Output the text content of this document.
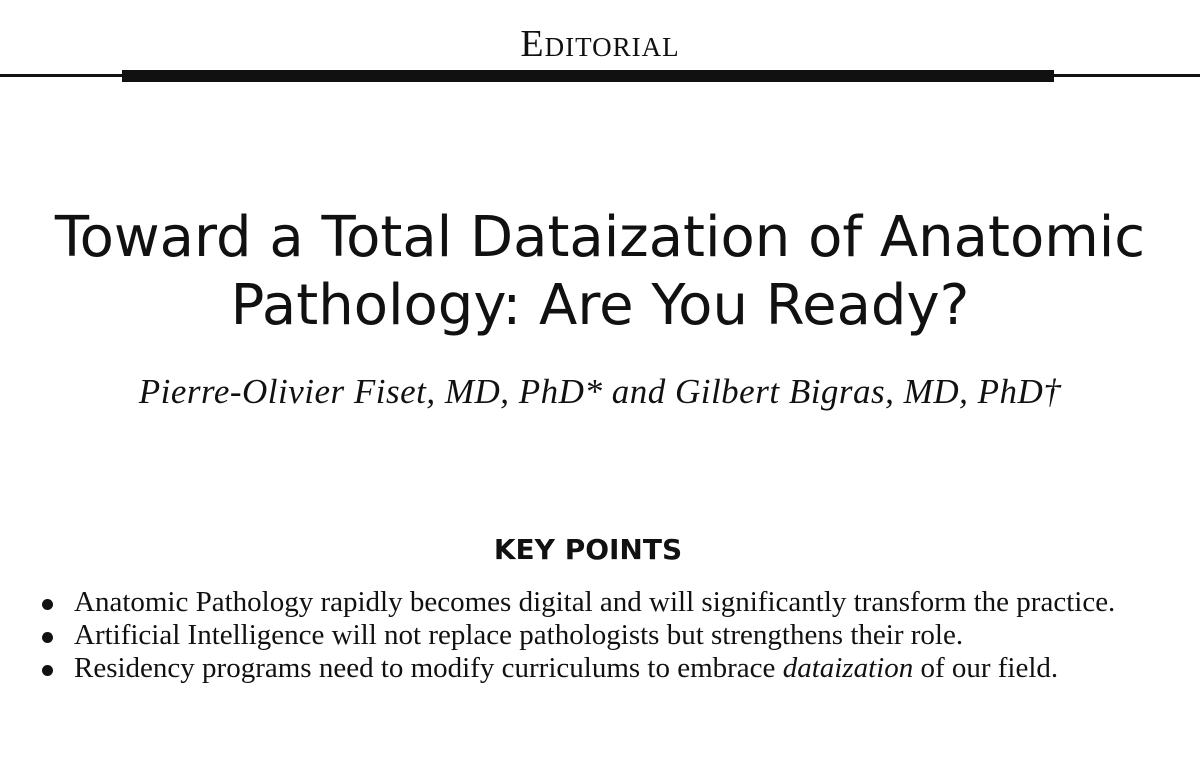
Editorial
Toward a Total Dataization of Anatomic
Pathology: Are You Ready?
Pierre-Olivier Fiset, MD, PhD* and Gilbert Bigras, MD, PhD†
KEY POINTS
Anatomic Pathology rapidly becomes digital and will significantly transform the practice.
Artificial Intelligence will not replace pathologists but strengthens their role.
Residency programs need to modify curriculums to embrace dataization of our field.
